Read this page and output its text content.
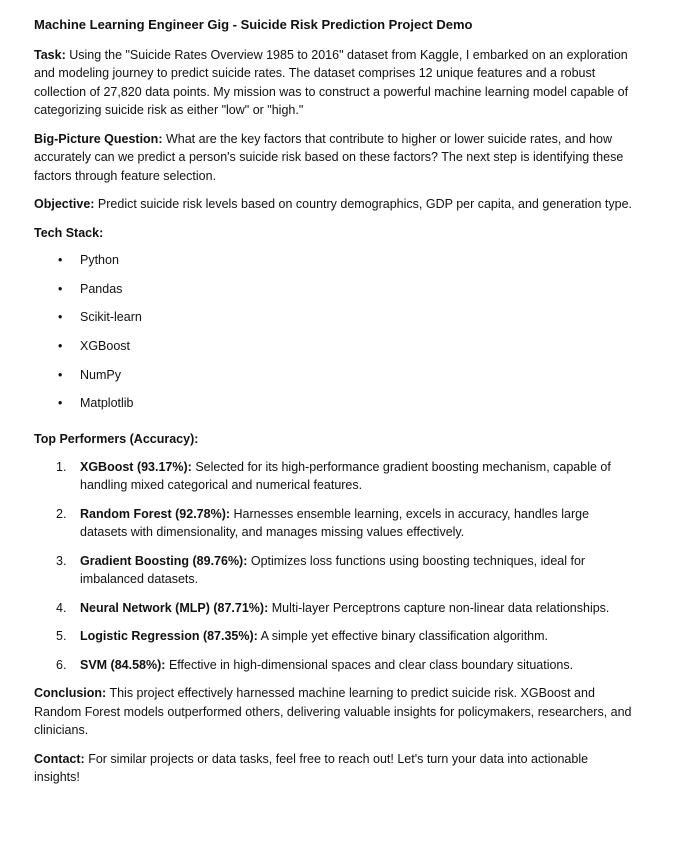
Machine Learning Engineer Gig - Suicide Risk Prediction Project Demo

Task: Using the "Suicide Rates Overview 1985 to 2016" dataset from Kaggle, I embarked on an exploration and modeling journey to predict suicide rates. The dataset comprises 12 unique features and a robust collection of 27,820 data points. My mission was to construct a powerful machine learning model capable of categorizing suicide risk as either "low" or "high."

Big-Picture Question: What are the key factors that contribute to higher or lower suicide rates, and how accurately can we predict a person's suicide risk based on these factors? The next step is identifying these factors through feature selection.

Objective: Predict suicide risk levels based on country demographics, GDP per capita, and generation type.

Tech Stack:
• Python
• Pandas
• Scikit-learn
• XGBoost
• NumPy
• Matplotlib
Top Performers (Accuracy):
1. XGBoost (93.17%): Selected for its high-performance gradient boosting mechanism, capable of handling mixed categorical and numerical features.
2. Random Forest (92.78%): Harnesses ensemble learning, excels in accuracy, handles large datasets with dimensionality, and manages missing values effectively.
3. Gradient Boosting (89.76%): Optimizes loss functions using boosting techniques, ideal for imbalanced datasets.
4. Neural Network (MLP) (87.71%): Multi-layer Perceptrons capture non-linear data relationships.
5. Logistic Regression (87.35%): A simple yet effective binary classification algorithm.
6. SVM (84.58%): Effective in high-dimensional spaces and clear class boundary situations.

Conclusion: This project effectively harnessed machine learning to predict suicide risk. XGBoost and Random Forest models outperformed others, delivering valuable insights for policymakers, researchers, and clinicians.

Contact: For similar projects or data tasks, feel free to reach out! Let's turn your data into actionable insights!
